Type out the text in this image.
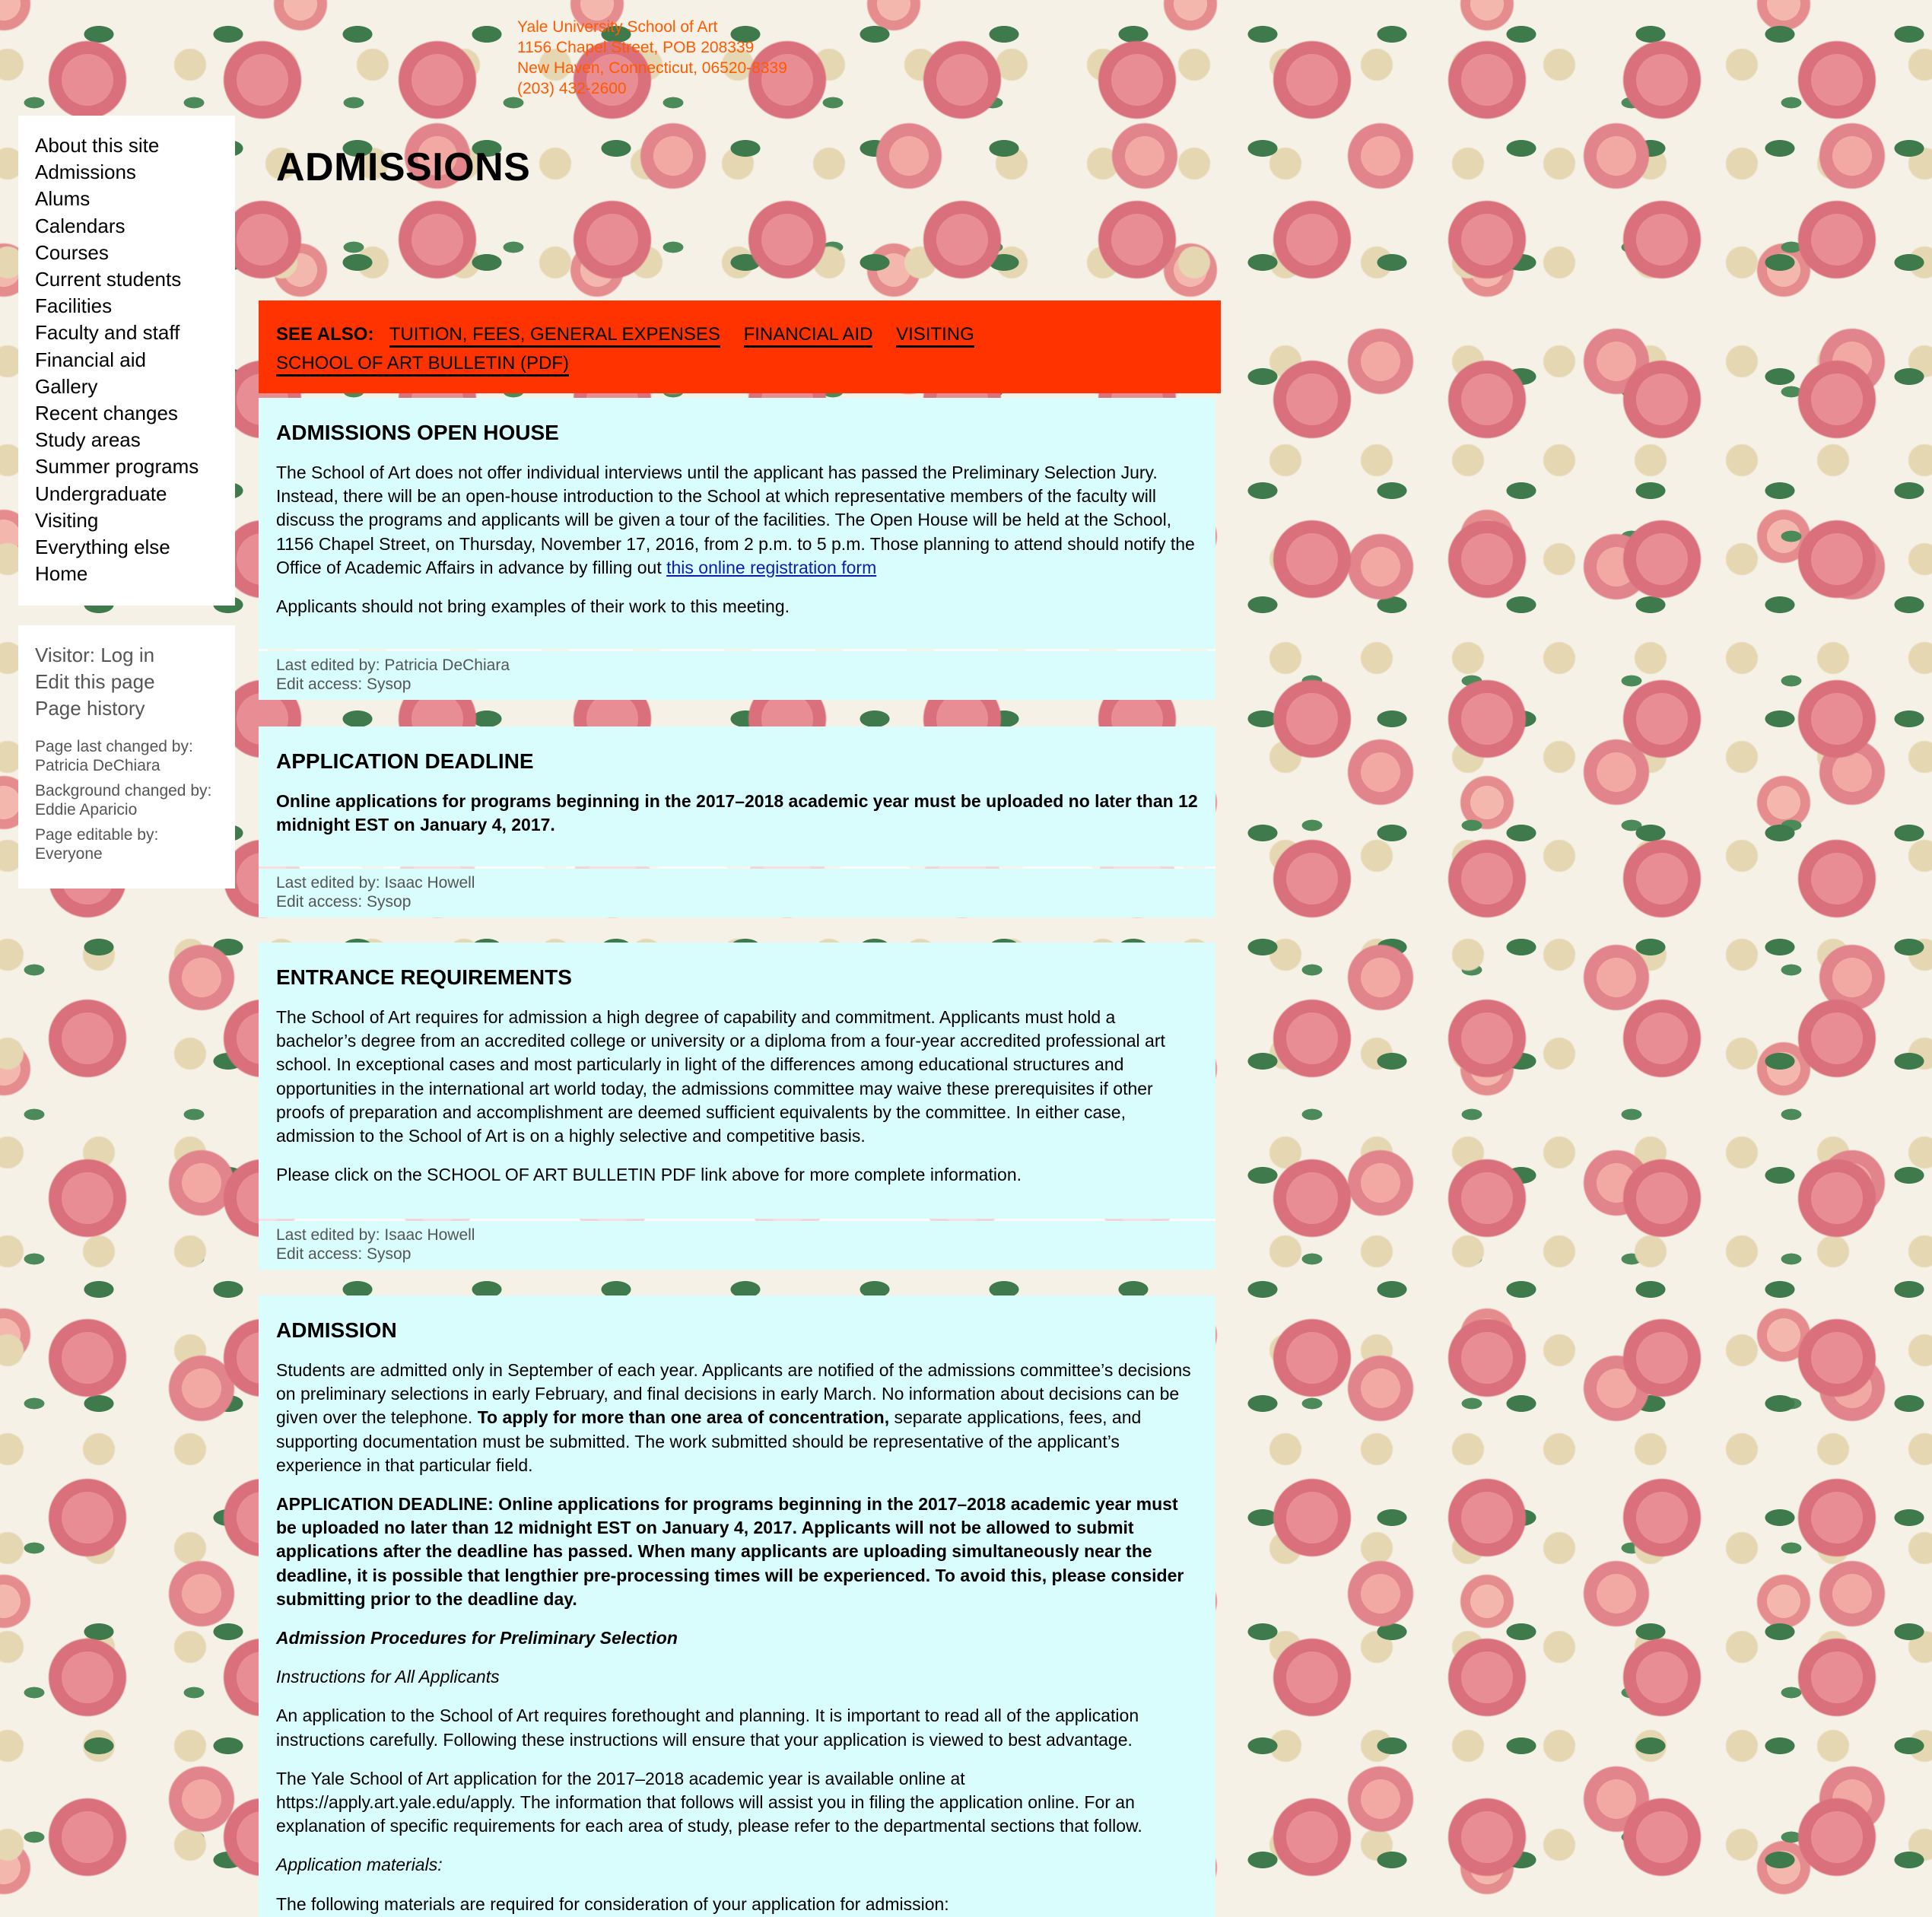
Yale University School of Art
1156 Chapel Street, POB 208339
New Haven, Connecticut, 06520-8339
(203) 432-2600
About this site
Admissions
Alums
Calendars
Courses
Current students
Facilities
Faculty and staff
Financial aid
Gallery
Recent changes
Study areas
Summer programs
Undergraduate
Visiting
Everything else
Home
Visitor: Log in
Edit this page
Page history
Page last changed by:
Patricia DeChiara
Background changed by:
Eddie Aparicio
Page editable by:
Everyone
ADMISSIONS
SEE ALSO: TUITION, FEES, GENERAL EXPENSES FINANCIAL AID VISITING
SCHOOL OF ART BULLETIN (PDF)
ADMISSIONS OPEN HOUSE

The School of Art does not offer individual interviews until the applicant has passed the Preliminary Selection Jury. Instead, there will be an open-house introduction to the School at which representative members of the faculty will discuss the programs and applicants will be given a tour of the facilities. The Open House will be held at the School, 1156 Chapel Street, on Thursday, November 17, 2016, from 2 p.m. to 5 p.m. Those planning to attend should notify the Office of Academic Affairs in advance by filling out this online registration form

Applicants should not bring examples of their work to this meeting.

Last edited by: Patricia DeChiara
Edit access: Sysop
APPLICATION DEADLINE

Online applications for programs beginning in the 2017–2018 academic year must be uploaded no later than 12 midnight EST on January 4, 2017.

Last edited by: Isaac Howell
Edit access: Sysop
ENTRANCE REQUIREMENTS

The School of Art requires for admission a high degree of capability and commitment. Applicants must hold a bachelor’s degree from an accredited college or university or a diploma from a four-year accredited professional art school. In exceptional cases and most particularly in light of the differences among educational structures and opportunities in the international art world today, the admissions committee may waive these prerequisites if other proofs of preparation and accomplishment are deemed sufficient equivalents by the committee. In either case, admission to the School of Art is on a highly selective and competitive basis.

Please click on the SCHOOL OF ART BULLETIN PDF link above for more complete information.

Last edited by: Isaac Howell
Edit access: Sysop
ADMISSION

Students are admitted only in September of each year. Applicants are notified of the admissions committee’s decisions on preliminary selections in early February, and final decisions in early March. No information about decisions can be given over the telephone. To apply for more than one area of concentration, separate applications, fees, and supporting documentation must be submitted. The work submitted should be representative of the applicant’s experience in that particular field.

APPLICATION DEADLINE: Online applications for programs beginning in the 2017–2018 academic year must be uploaded no later than 12 midnight EST on January 4, 2017. Applicants will not be allowed to submit applications after the deadline has passed. When many applicants are uploading simultaneously near the deadline, it is possible that lengthier pre-processing times will be experienced. To avoid this, please consider submitting prior to the deadline day.

Admission Procedures for Preliminary Selection

Instructions for All Applicants

An application to the School of Art requires forethought and planning. It is important to read all of the application instructions carefully. Following these instructions will ensure that your application is viewed to best advantage.

The Yale School of Art application for the 2017–2018 academic year is available online at https://apply.art.yale.edu/apply. The information that follows will assist you in filing the application online. For an explanation of specific requirements for each area of study, please refer to the departmental sections that follow.

Application materials:

The following materials are required for consideration of your application for admission:
